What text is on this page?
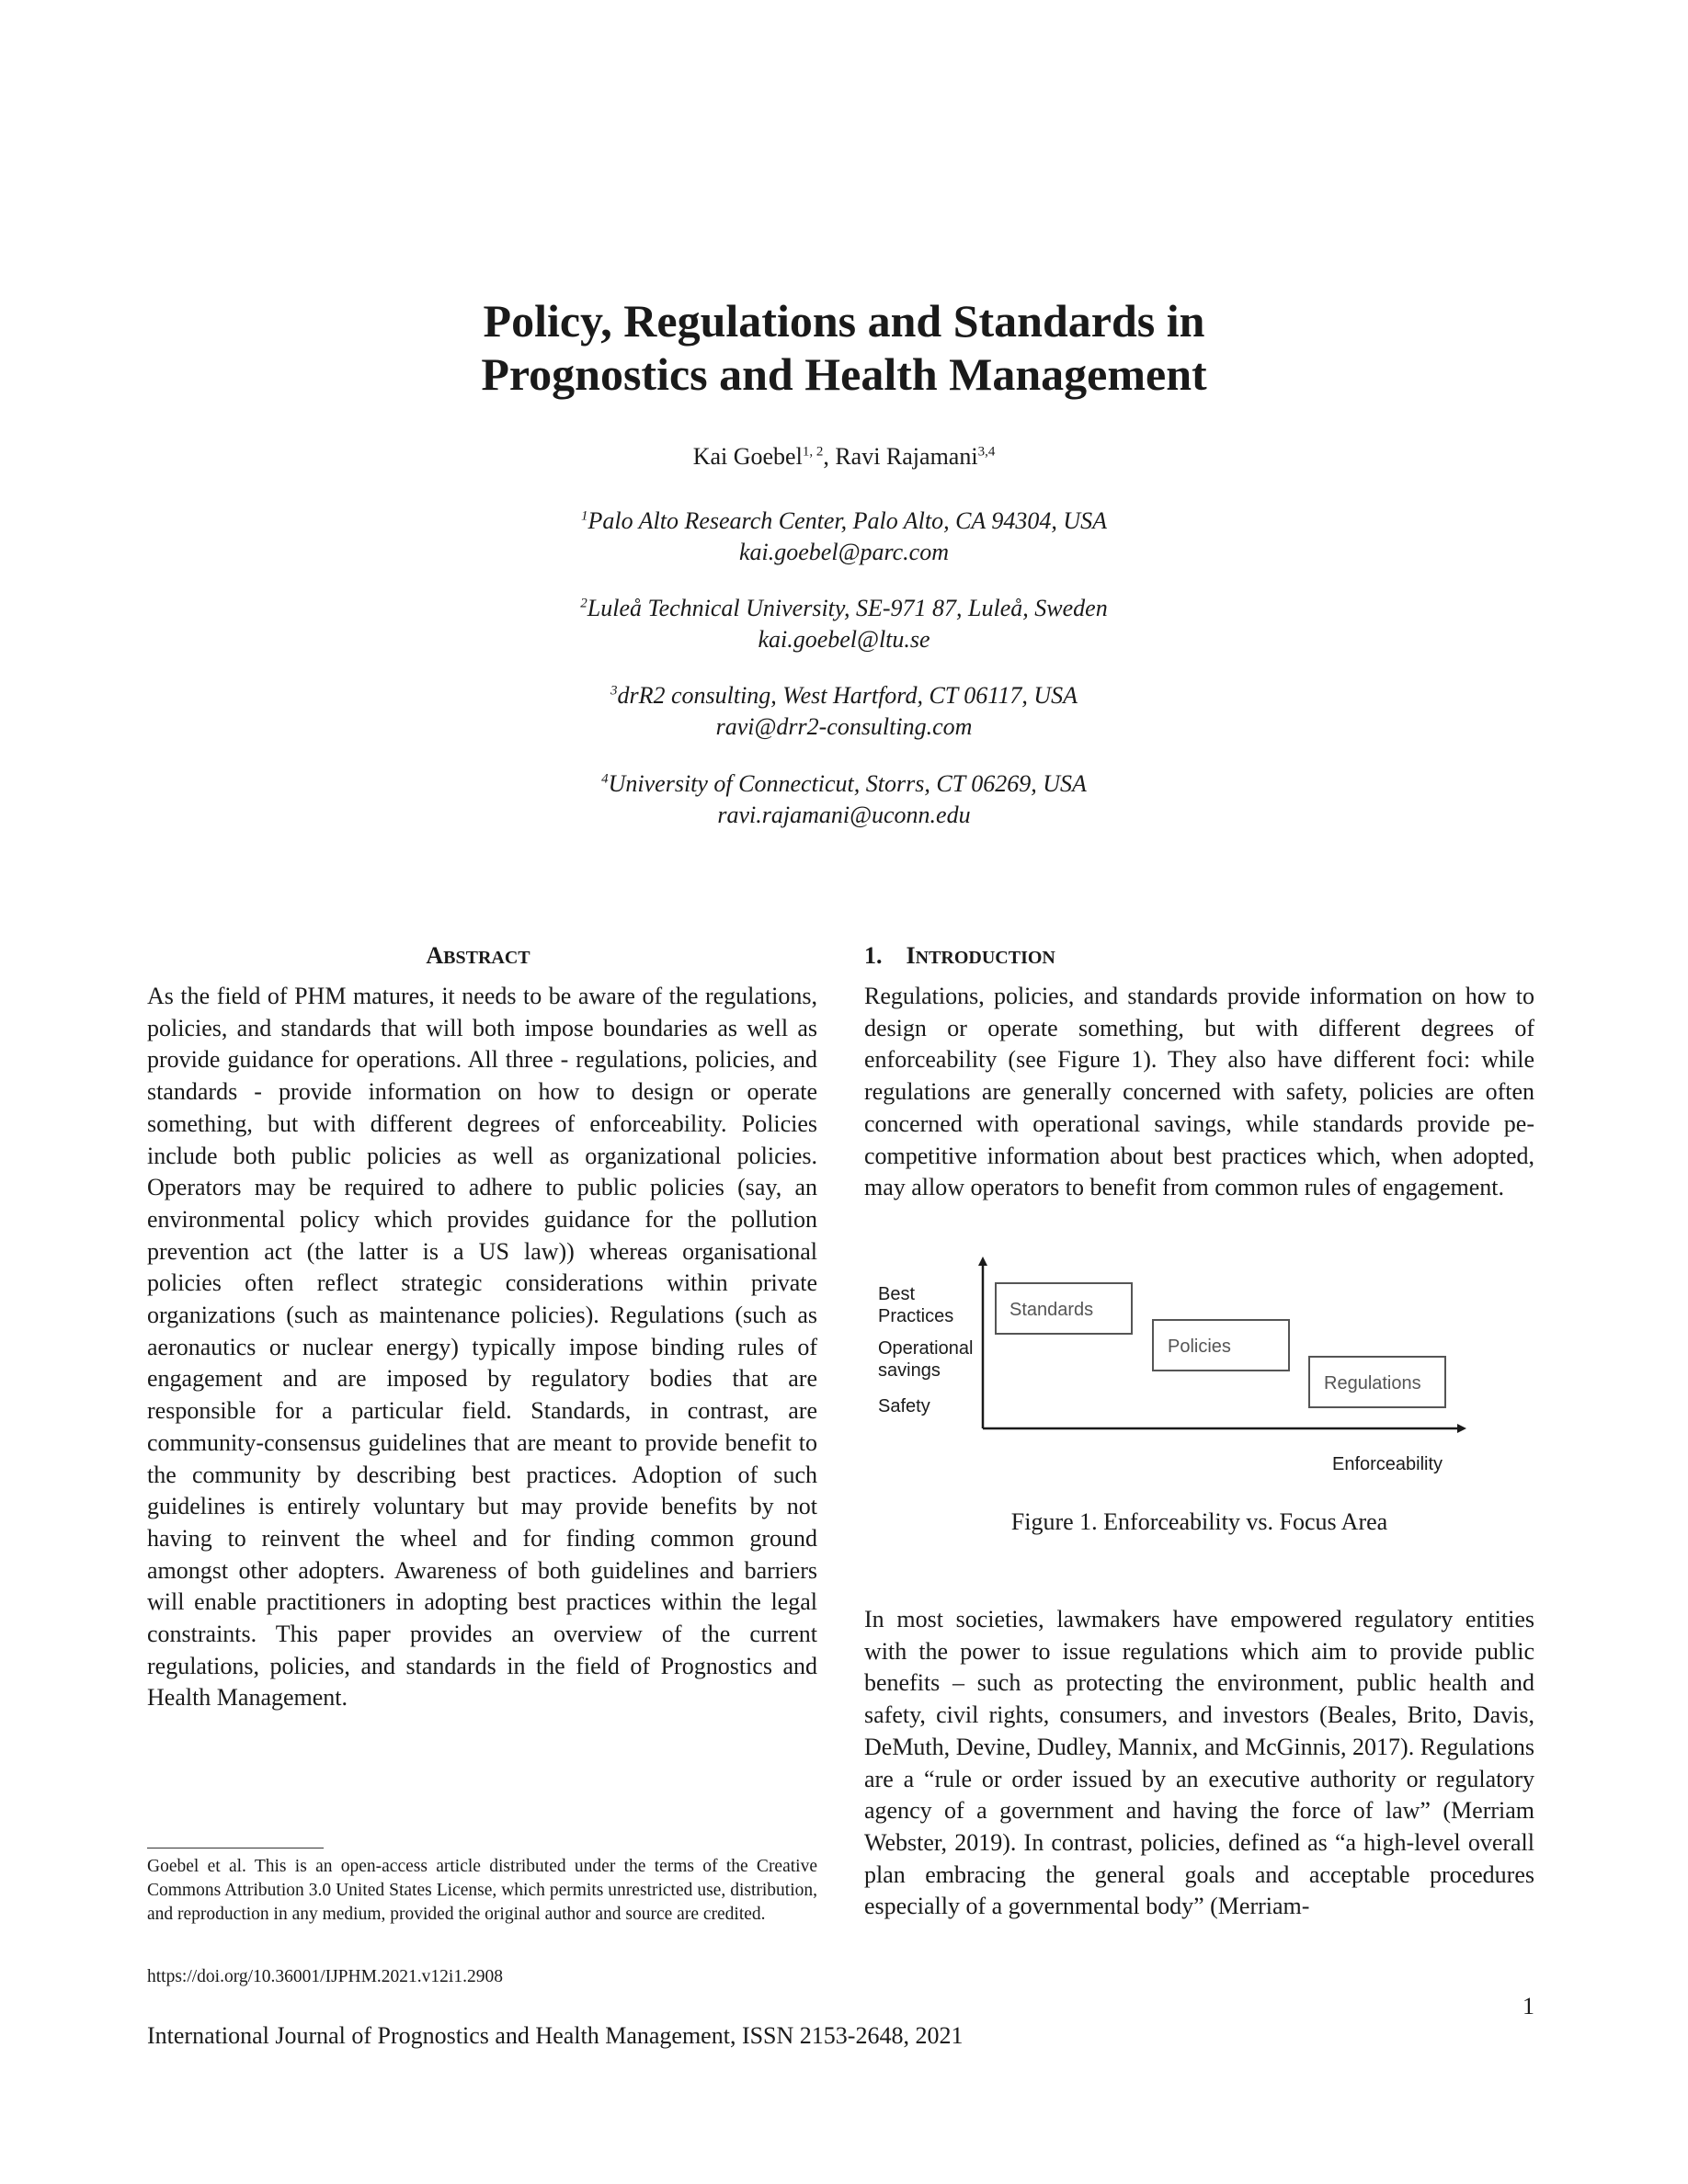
Policy, Regulations and Standards in
Prognostics and Health Management
Kai Goebel$^{1, 2}$, Ravi Rajamani$^{3,4}$
$^1$Palo Alto Research Center, Palo Alto, CA 94304, USA
kai.goebel@parc.com
$^2$Luleå Technical University, SE-971 87, Luleå, Sweden
kai.goebel@ltu.se
$^3$drR2 consulting, West Hartford, CT 06117, USA
ravi@drr2-consulting.com
$^4$University of Connecticut, Storrs, CT 06269, USA
ravi.rajamani@uconn.edu
ABSTRACT

As the field of PHM matures, it needs to be aware of the regulations, policies, and standards that will both impose boundaries as well as provide guidance for operations. All three - regulations, policies, and standards - provide information on how to design or operate something, but with different degrees of enforceability. Policies include both public policies as well as organizational policies. Operators may be required to adhere to public policies (say, an environmental policy which provides guidance for the pollution prevention act (the latter is a US law)) whereas organisational policies often reflect strategic considerations within private organizations (such as maintenance policies). Regulations (such as aeronautics or nuclear energy) typically impose binding rules of engagement and are imposed by regulatory bodies that are responsible for a particular field. Standards, in contrast, are community-consensus guidelines that are meant to provide benefit to the community by describing best practices. Adoption of such guidelines is entirely voluntary but may provide benefits by not having to reinvent the wheel and for finding common ground amongst other adopters. Awareness of both guidelines and barriers will enable practitioners in adopting best practices within the legal constraints. This paper provides an overview of the current regulations, policies, and standards in the field of Prognostics and Health Management.

1. INTRODUCTION

Regulations, policies, and standards provide information on how to design or operate something, but with different degrees of enforceability (see Figure 1). They also have different foci: while regulations are generally concerned with safety, policies are often concerned with operational savings, while standards provide pe-competitive information about best practices which, when adopted, may allow operators to benefit from common rules of engagement.

Best
Practices
Operational
savings
Safety
Standards
Policies
Regulations
Enforceability
Figure 1. Enforceability vs. Focus Area

In most societies, lawmakers have empowered regulatory entities with the power to issue regulations which aim to provide public benefits – such as protecting the environment, public health and safety, civil rights, consumers, and investors (Beales, Brito, Davis, DeMuth, Devine, Dudley, Mannix, and McGinnis, 2017). Regulations are a “rule or order issued by an executive authority or regulatory agency of a government and having the force of law” (Merriam Webster, 2019). In contrast, policies, defined as “a high-level overall plan embracing the general goals and acceptable procedures especially of a governmental body” (Merriam-

Goebel et al. This is an open-access article distributed under the terms of the Creative Commons Attribution 3.0 United States License, which permits unrestricted use, distribution, and reproduction in any medium, provided the original author and source are credited.

https://doi.org/10.36001/IJPHM.2021.v12i1.2908
1
International Journal of Prognostics and Health Management, ISSN 2153-2648, 2021
